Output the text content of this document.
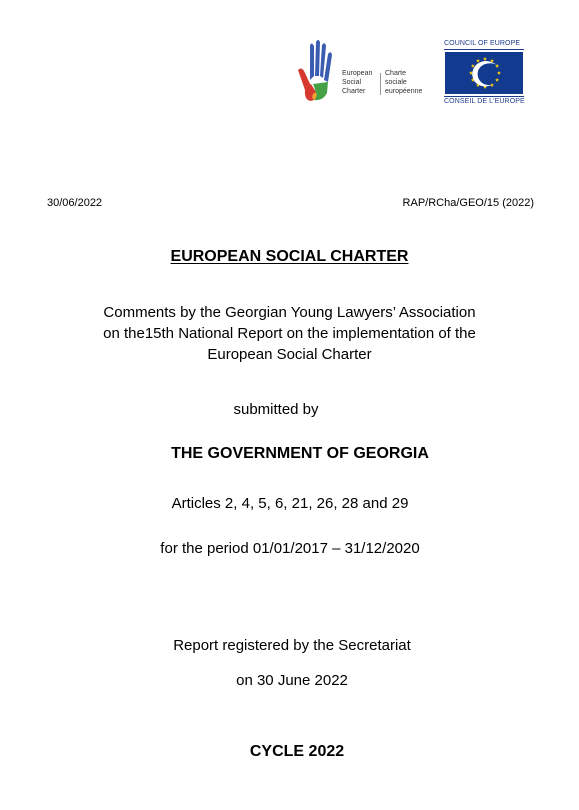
European
Social
Charter
Charte
sociale
européenne
COUNCIL OF EUROPE
CONSEIL DE L'EUROPE
30/06/2022	RAP/RCha/GEO/15 (2022)
EUROPEAN SOCIAL CHARTER
Comments by the Georgian Young Lawyers’ Association
on the15th National Report on the implementation of the
European Social Charter
submitted by
THE GOVERNMENT OF GEORGIA
Articles 2, 4, 5, 6, 21, 26, 28 and 29
for the period 01/01/2017 – 31/12/2020
Report registered by the Secretariat
on 30 June 2022
CYCLE 2022
